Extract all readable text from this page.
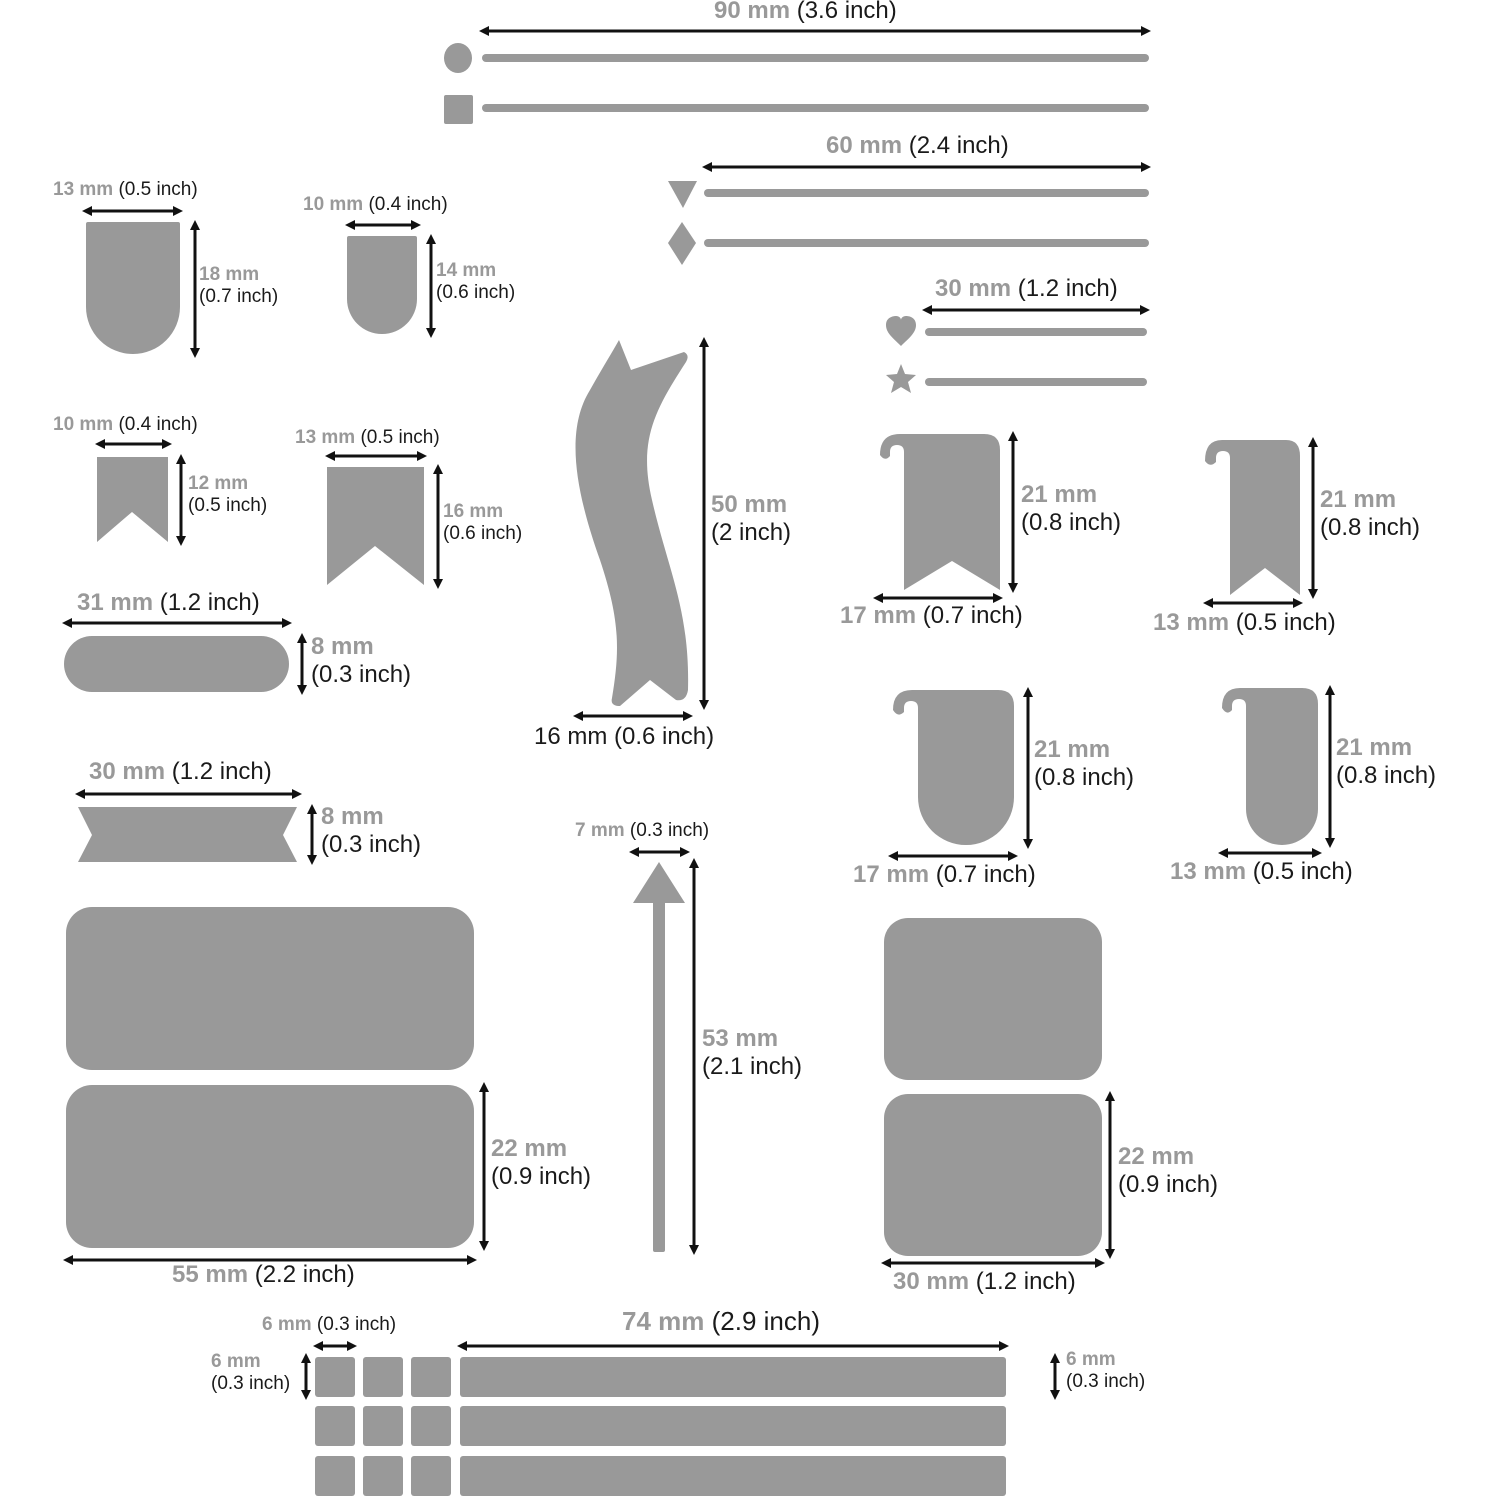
90 mm (3.6 inch)
60 mm (2.4 inch)
30 mm (1.2 inch)
13 mm (0.5 inch)
18 mm
(0.7 inch)
10 mm (0.4 inch)
14 mm
(0.6 inch)
10 mm (0.4 inch)
12 mm
(0.5 inch)
13 mm (0.5 inch)
16 mm
(0.6 inch)
31 mm (1.2 inch)
8 mm
(0.3 inch)
30 mm (1.2 inch)
8 mm
(0.3 inch)
50 mm
(2 inch)
16 mm (0.6 inch)
21 mm
(0.8 inch)
17 mm (0.7 inch)
21 mm
(0.8 inch)
13 mm (0.5 inch)
21 mm
(0.8 inch)
17 mm (0.7 inch)
21 mm
(0.8 inch)
13 mm (0.5 inch)
7 mm (0.3 inch)
53 mm
(2.1 inch)
22 mm
(0.9 inch)
55 mm (2.2 inch)
22 mm
(0.9 inch)
30 mm (1.2 inch)
6 mm (0.3 inch)
6 mm
(0.3 inch)
74 mm (2.9 inch)
6 mm
(0.3 inch)
